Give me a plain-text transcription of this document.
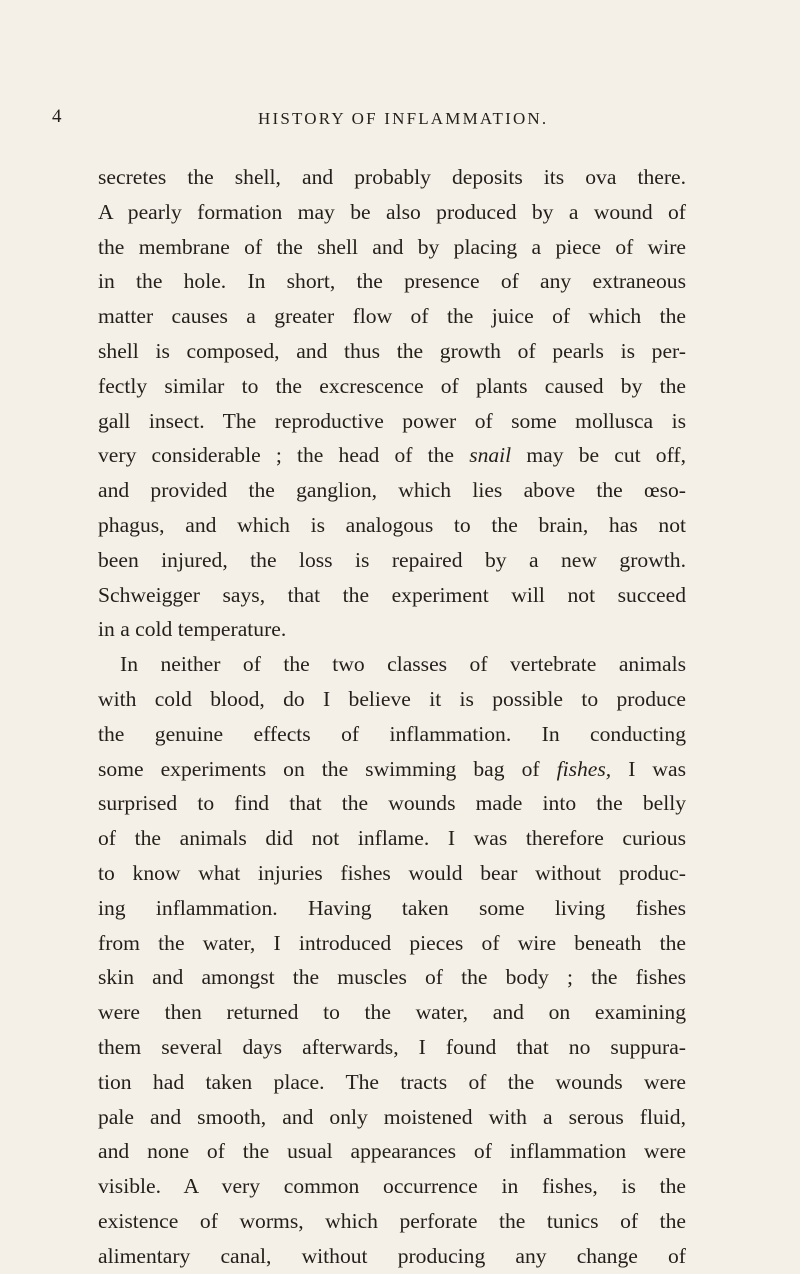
4	HISTORY OF INFLAMMATION.
secretes the shell, and probably deposits its ova there.
A pearly formation may be also produced by a wound of
the membrane of the shell and by placing a piece of wire
in the hole. In short, the presence of any extraneous
matter causes a greater flow of the juice of which the
shell is composed, and thus the growth of pearls is per-
fectly similar to the excrescence of plants caused by the
gall insect. The reproductive power of some mollusca is
very considerable ; the head of the snail may be cut off,
and provided the ganglion, which lies above the œso-
phagus, and which is analogous to the brain, has not
been injured, the loss is repaired by a new growth.
Schweigger says, that the experiment will not succeed
in a cold temperature.
In neither of the two classes of vertebrate animals
with cold blood, do I believe it is possible to produce
the genuine effects of inflammation. In conducting
some experiments on the swimming bag of fishes, I was
surprised to find that the wounds made into the belly
of the animals did not inflame. I was therefore curious
to know what injuries fishes would bear without produc-
ing inflammation. Having taken some living fishes
from the water, I introduced pieces of wire beneath the
skin and amongst the muscles of the body ; the fishes
were then returned to the water, and on examining
them several days afterwards, I found that no suppura-
tion had taken place. The tracts of the wounds were
pale and smooth, and only moistened with a serous fluid,
and none of the usual appearances of inflammation were
visible. A very common occurrence in fishes, is the
existence of worms, which perforate the tunics of the
alimentary canal, without producing any change of
